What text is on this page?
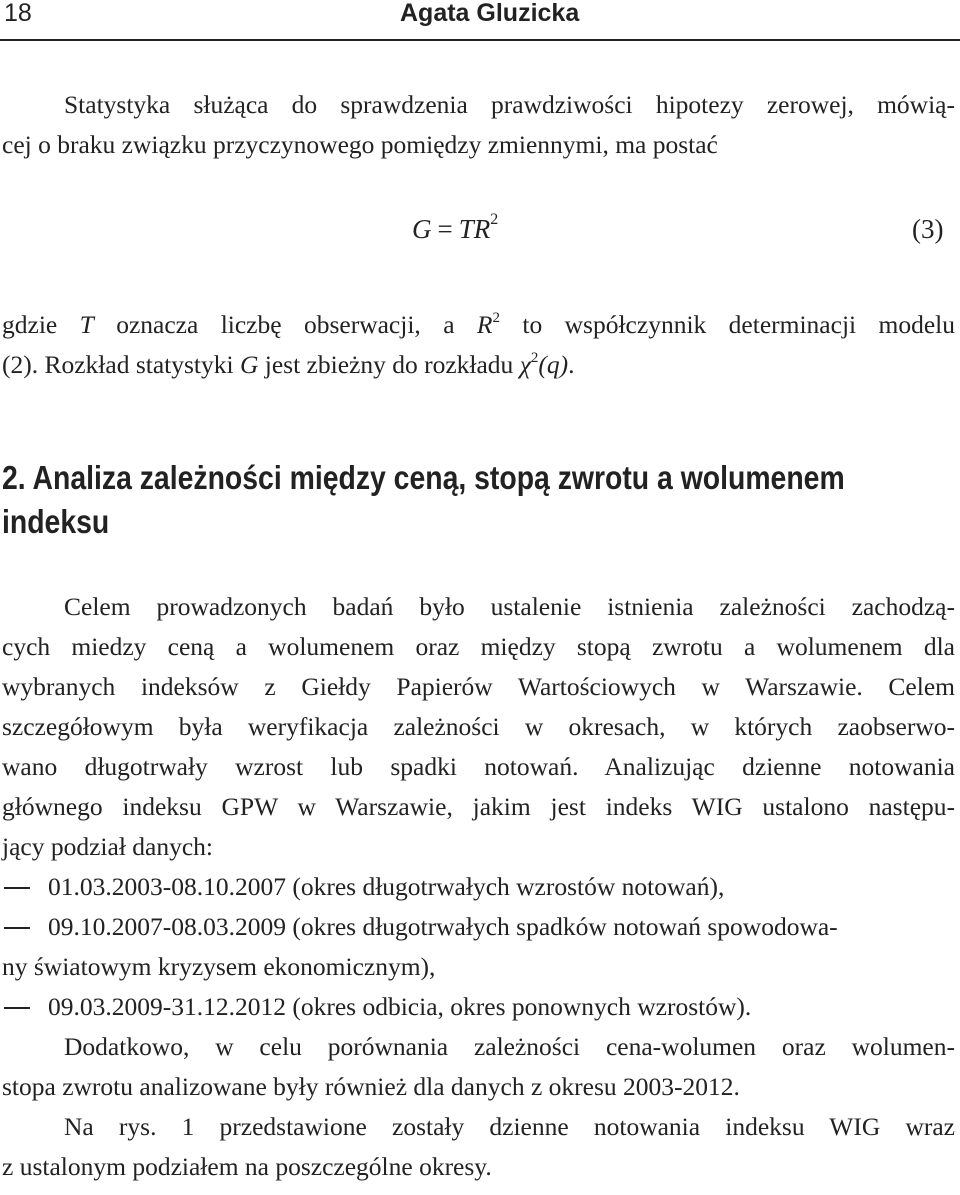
18	Agata Gluzicka
Statystyka służąca do sprawdzenia prawdziwości hipotezy zerowej, mówią-
cej o braku związku przyczynowego pomiędzy zmiennymi, ma postać
$G = TR^2$	(3)
gdzie T oznacza liczbę obserwacji, a $R^2$ to współczynnik determinacji modelu
(2). Rozkład statystyki G jest zbieżny do rozkładu $\chi^2(q)$.
2. Analiza zależności między ceną, stopą zwrotu a wolumenem
indeksu
Celem prowadzonych badań było ustalenie istnienia zależności zachodzą-
cych miedzy ceną a wolumenem oraz między stopą zwrotu a wolumenem dla
wybranych indeksów z Giełdy Papierów Wartościowych w Warszawie. Celem
szczegółowym była weryfikacja zależności w okresach, w których zaobserwo-
wano długotrwały wzrost lub spadki notowań. Analizując dzienne notowania
głównego indeksu GPW w Warszawie, jakim jest indeks WIG ustalono następu-
jący podział danych:
01.03.2003-08.10.2007 (okres długotrwałych wzrostów notowań),
09.10.2007-08.03.2009 (okres długotrwałych spadków notowań spowodowa-
ny światowym kryzysem ekonomicznym),
09.03.2009-31.12.2012 (okres odbicia, okres ponownych wzrostów).
Dodatkowo, w celu porównania zależności cena-wolumen oraz wolumen-
stopa zwrotu analizowane były również dla danych z okresu 2003-2012.
Na rys. 1 przedstawione zostały dzienne notowania indeksu WIG wraz
z ustalonym podziałem na poszczególne okresy.
